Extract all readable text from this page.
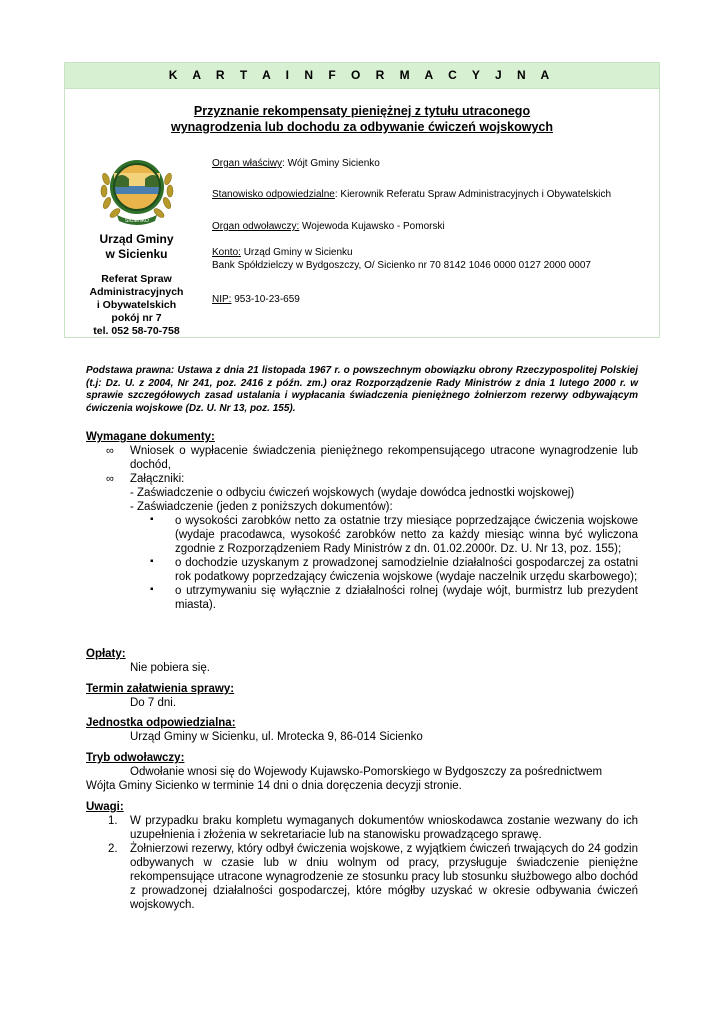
K A R T A I N F O R M A C Y J N A
Przyznanie rekompensaty pieniężnej z tytułu utraconego
wynagrodzenia lub dochodu za odbywanie ćwiczeń wojskowych
SICIENKO
Urząd Gminy
w Sicienku
Referat Spraw
Administracyjnych
i Obywatelskich
pokój nr 7
tel. 052 58-70-758
Organ właściwy: Wójt Gminy Sicienko
Stanowisko odpowiedzialne: Kierownik Referatu Spraw Administracyjnych i Obywatelskich
Organ odwoławczy: Wojewoda Kujawsko - Pomorski
Konto: Urząd Gminy w Sicienku
Bank Spółdzielczy w Bydgoszczy, O/ Sicienko nr 70 8142 1046 0000 0127 2000 0007
NIP: 953-10-23-659
Podstawa prawna: Ustawa z dnia 21 listopada 1967 r. o powszechnym obowiązku obrony Rzeczypospolitej Polskiej (t.j: Dz. U. z 2004, Nr 241, poz. 2416 z późn. zm.) oraz Rozporządzenie Rady Ministrów z dnia 1 lutego 2000 r. w sprawie szczegółowych zasad ustalania i wypłacania świadczenia pieniężnego żołnierzom rezerwy odbywającym ćwiczenia wojskowe (Dz. U. Nr 13, poz. 155).
Wymagane dokumenty:
∞ Wniosek o wypłacenie świadczenia pieniężnego rekompensującego utracone wynagrodzenie lub dochód,
∞ Załączniki:
- Zaświadczenie o odbyciu ćwiczeń wojskowych (wydaje dowódca jednostki wojskowej)
- Zaświadczenie (jeden z poniższych dokumentów):
▪ o wysokości zarobków netto za ostatnie trzy miesiące poprzedzające ćwiczenia wojskowe (wydaje pracodawca, wysokość zarobków netto za każdy miesiąc winna być wyliczona zgodnie z Rozporządzeniem Rady Ministrów z dn. 01.02.2000r. Dz. U. Nr 13, poz. 155);
▪ o dochodzie uzyskanym z prowadzonej samodzielnie działalności gospodarczej za ostatni rok podatkowy poprzedzający ćwiczenia wojskowe (wydaje naczelnik urzędu skarbowego);
▪ o utrzymywaniu się wyłącznie z działalności rolnej (wydaje wójt, burmistrz lub prezydent miasta).
Opłaty:
Nie pobiera się.
Termin załatwienia sprawy:
Do 7 dni.
Jednostka odpowiedzialna:
Urząd Gminy w Sicienku, ul. Mrotecka 9, 86-014 Sicienko
Tryb odwoławczy:
Odwołanie wnosi się do Wojewody Kujawsko-Pomorskiego w Bydgoszczy za pośrednictwem
Wójta Gminy Sicienko w terminie 14 dni o dnia doręczenia decyzji stronie.
Uwagi:
1. W przypadku braku kompletu wymaganych dokumentów wnioskodawca zostanie wezwany do ich uzupełnienia i złożenia w sekretariacie lub na stanowisku prowadzącego sprawę.
2. Żołnierzowi rezerwy, który odbył ćwiczenia wojskowe, z wyjątkiem ćwiczeń trwających do 24 godzin odbywanych w czasie lub w dniu wolnym od pracy, przysługuje świadczenie pieniężne rekompensujące utracone wynagrodzenie ze stosunku pracy lub stosunku służbowego albo dochód z prowadzonej działalności gospodarczej, które mógłby uzyskać w okresie odbywania ćwiczeń wojskowych.
